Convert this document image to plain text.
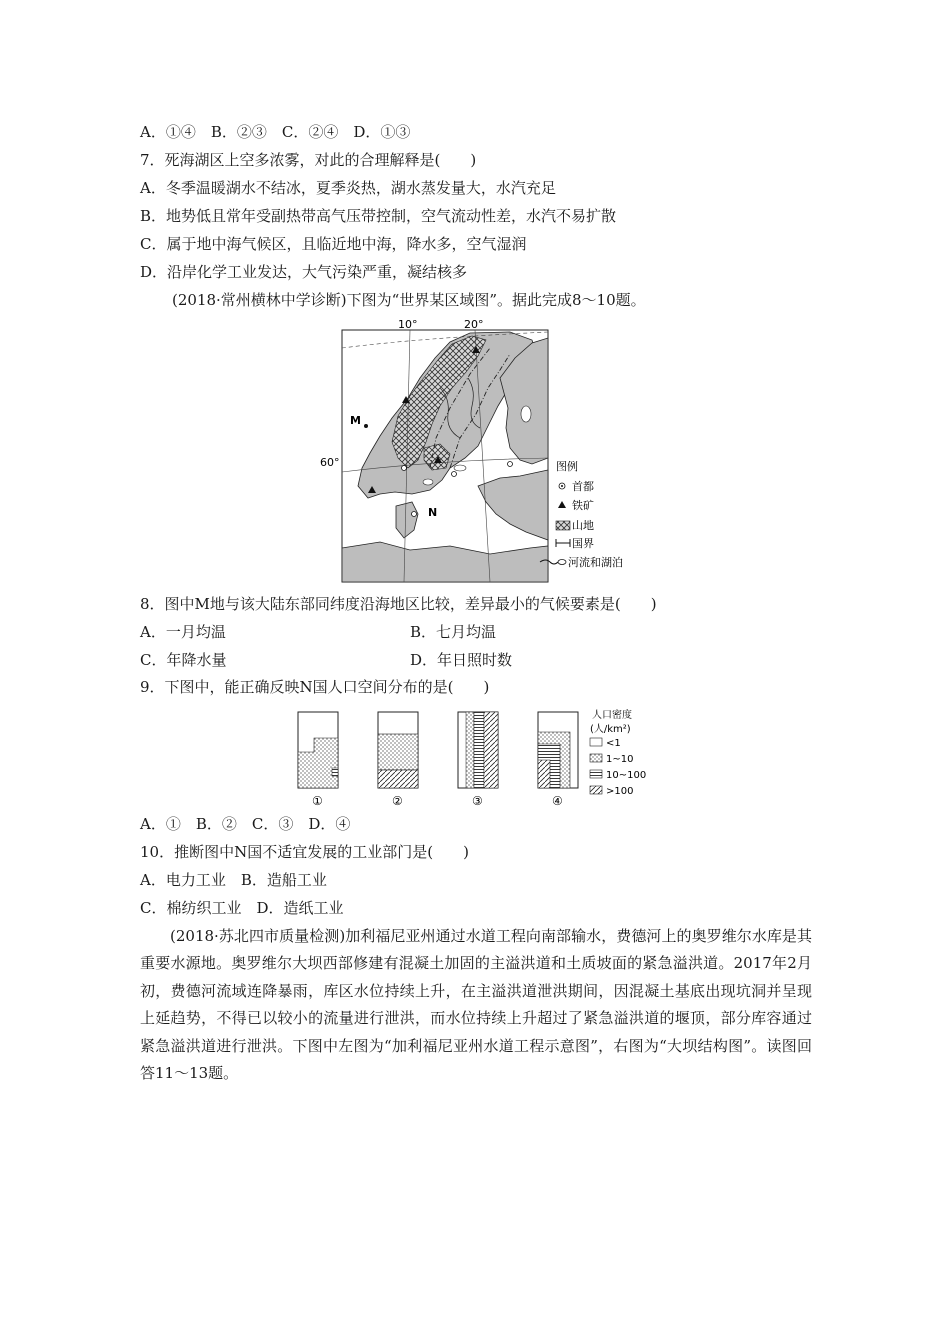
A．①④　B．②③　C．②④　D．①③
7．死海湖区上空多浓雾，对此的合理解释是(　　)
A．冬季温暖湖水不结冰，夏季炎热，湖水蒸发量大，水汽充足
B．地势低且常年受副热带高气压带控制，空气流动性差，水汽不易扩散
C．属于地中海气候区，且临近地中海，降水多，空气湿润
D．沿岸化学工业发达，大气污染严重，凝结核多
(2018·常州横林中学诊断)下图为“世界某区域图”。据此完成8～10题。
10°	20°
60°
M
N
图例
首都
铁矿
山地
国界
河流和湖泊
8．图中M地与该大陆东部同纬度沿海地区比较，差异最小的气候要素是(　　)
A．一月均温	B．七月均温
C．年降水量	D．年日照时数
9．下图中，能正确反映N国人口空间分布的是(　　)
①	②	③	④
人口密度
(人/km²)
<1
1~10
10~100
>100
A．①　B．②　C．③　D．④
10．推断图中N国不适宜发展的工业部门是(　　)
A．电力工业　B．造船工业
C．棉纺织工业　D．造纸工业
(2018·苏北四市质量检测)加利福尼亚州通过水道工程向南部输水，费德河上的奥罗维尔水库是其重要水源地。奥罗维尔大坝西部修建有混凝土加固的主溢洪道和土质坡面的紧急溢洪道。2017年2月初，费德河流域连降暴雨，库区水位持续上升，在主溢洪道泄洪期间，因混凝土基底出现坑洞并呈现上延趋势，不得已以较小的流量进行泄洪，而水位持续上升超过了紧急溢洪道的堰顶，部分库容通过紧急溢洪道进行泄洪。下图中左图为“加利福尼亚州水道工程示意图”，右图为“大坝结构图”。读图回答11～13题。
